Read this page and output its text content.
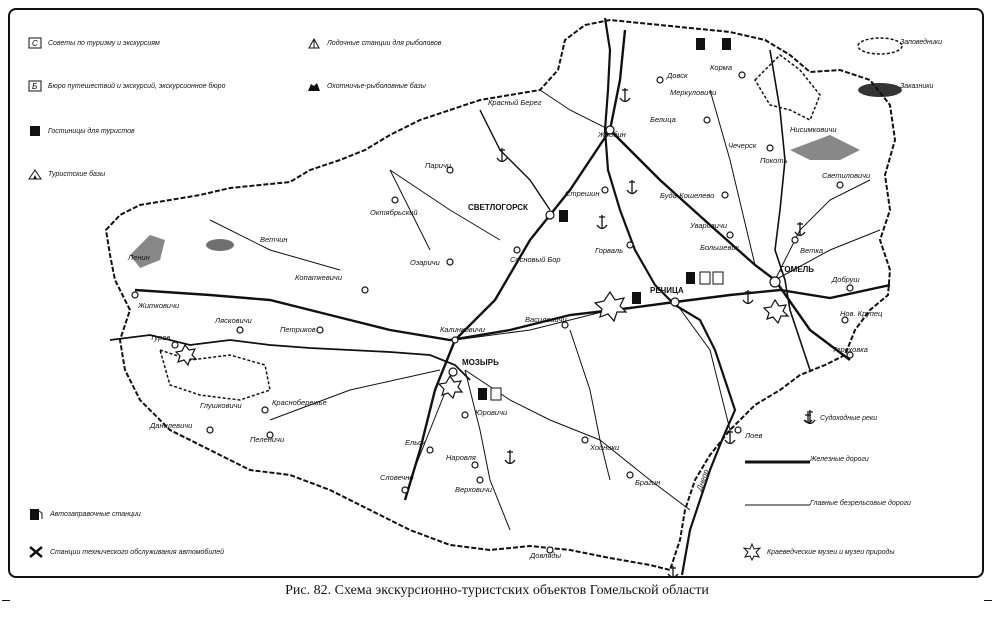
ГОМЕЛЬ
МОЗЫРЬ
РЕЧИЦА
СВЕТЛОГОРСК
Жлобин
Калинковичи
Житковичи
Туров
Ельск
Хойники
Брагин
Лоев
Ветка
Добруш
Чечерск
Корма
Буда-Кошелево
Петриков
Октябрьский
Наровля
Паричи
Василевичи
Стрешин
Довск
Красный Берег
Верховичи
Горваль
Сосновый Бор
Озаричи
Копаткевичи
Ветчин
Ленин
Лясковичи
Краснобережье
Словечно
Глушковичи
Данилевичи
Юровичи
Уваровичи
Большевик
Тереховка
Нов. Крупец
Светиловичи
Нисимковичи
Покоть
Меркуловичи
Белица
Довляды
Пеленичи
Днепр
C Советы по туризму и экскурсиям
Б Бюро путешествий и экскурсий, экскурсионное бюро
Гостиницы для туристов
Туристские базы
Лодочные станции для рыболовов
Охотничье-рыболовные базы
Заповедники
Заказники
Автозаправочные станции
Станции технического обслуживания автомобилей
Судоходные реки
Железные дороги
Главные безрельсовые дороги
Краеведческие музеи и музеи природы
Рис. 82. Схема экскурсионно-туристских объектов Гомельской области
